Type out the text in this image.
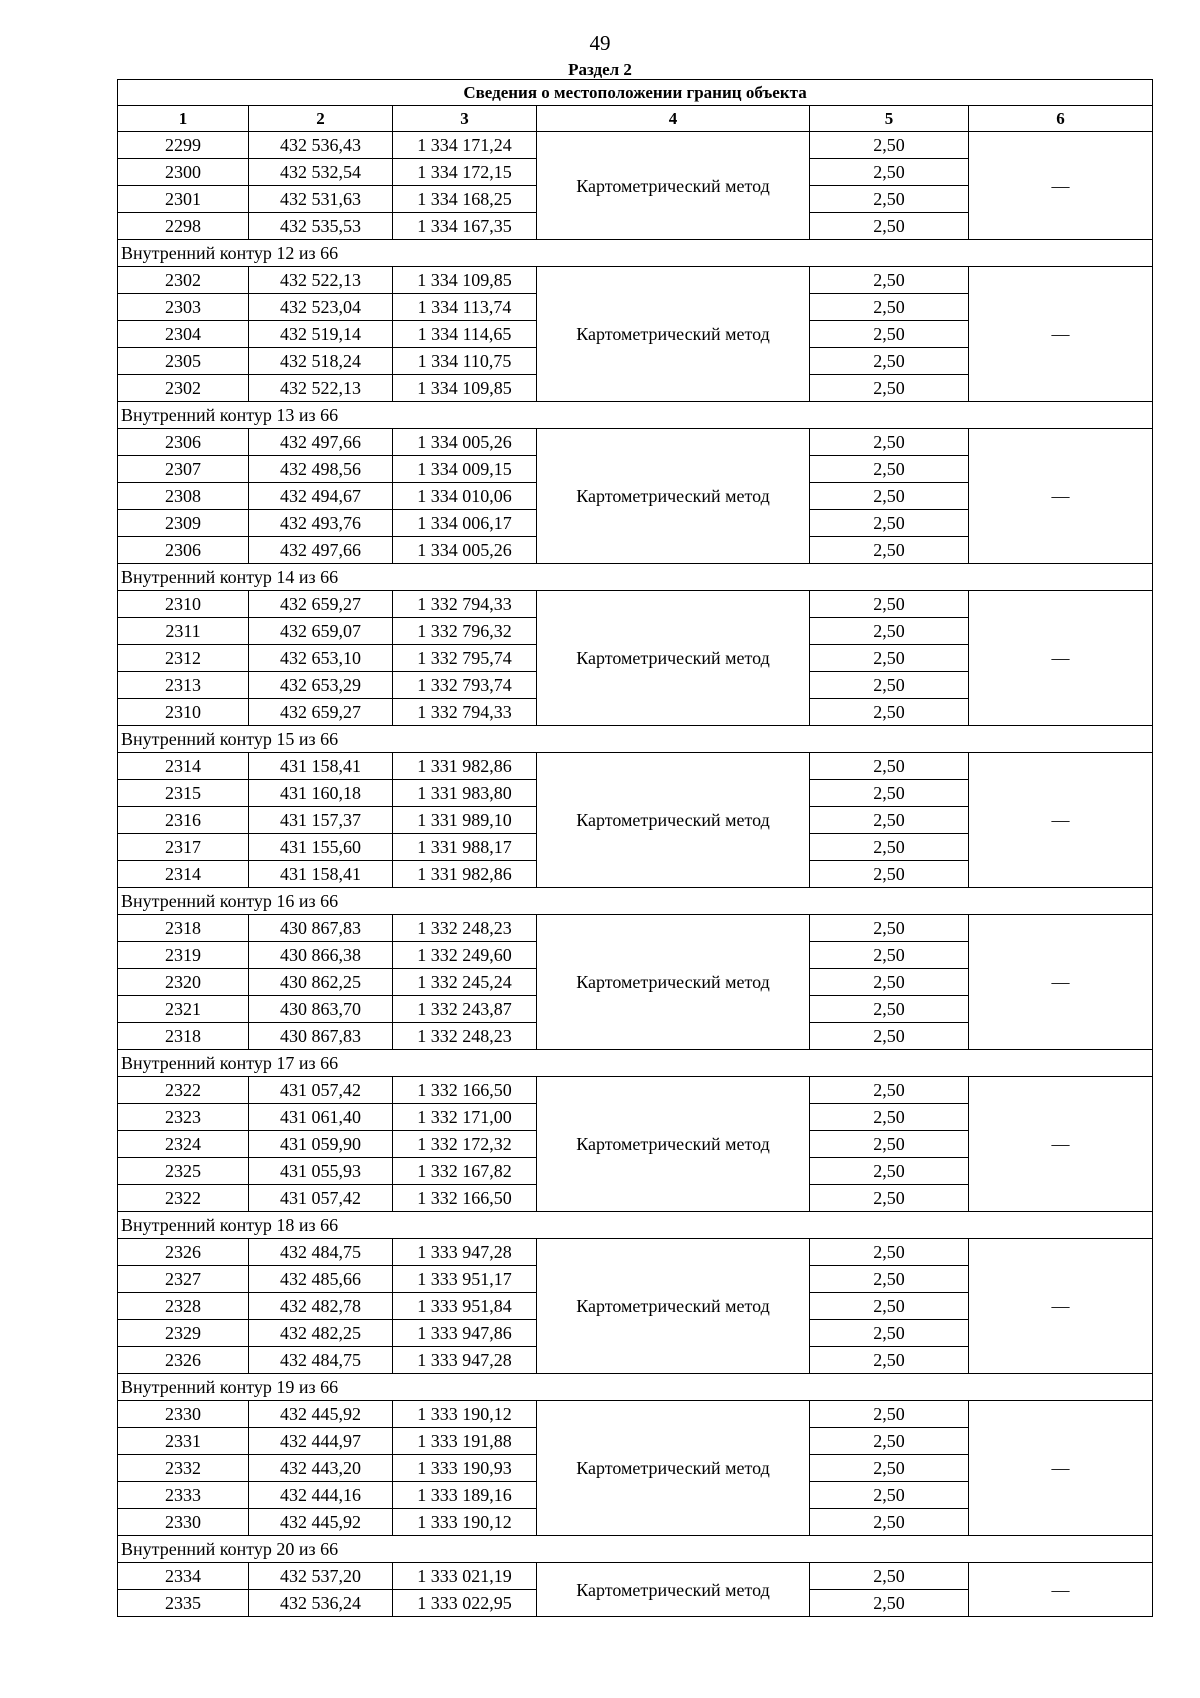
49
Раздел 2
Сведения о местоположении границ объекта					
1	2	3	4	5	6
2299	432 536,43	1 334 171,24	Картометрический метод	2,50	—
2300	432 532,54	1 334 172,15		2,50	
2301	432 531,63	1 334 168,25		2,50	
2298	432 535,53	1 334 167,35		2,50	
Внутренний контур 12 из 66					
2302	432 522,13	1 334 109,85	Картометрический метод	2,50	—
2303	432 523,04	1 334 113,74		2,50	
2304	432 519,14	1 334 114,65		2,50	
2305	432 518,24	1 334 110,75		2,50	
2302	432 522,13	1 334 109,85		2,50	
Внутренний контур 13 из 66					
2306	432 497,66	1 334 005,26	Картометрический метод	2,50	—
2307	432 498,56	1 334 009,15		2,50	
2308	432 494,67	1 334 010,06		2,50	
2309	432 493,76	1 334 006,17		2,50	
2306	432 497,66	1 334 005,26		2,50	
Внутренний контур 14 из 66					
2310	432 659,27	1 332 794,33	Картометрический метод	2,50	—
2311	432 659,07	1 332 796,32		2,50	
2312	432 653,10	1 332 795,74		2,50	
2313	432 653,29	1 332 793,74		2,50	
2310	432 659,27	1 332 794,33		2,50	
Внутренний контур 15 из 66					
2314	431 158,41	1 331 982,86	Картометрический метод	2,50	—
2315	431 160,18	1 331 983,80		2,50	
2316	431 157,37	1 331 989,10		2,50	
2317	431 155,60	1 331 988,17		2,50	
2314	431 158,41	1 331 982,86		2,50	
Внутренний контур 16 из 66					
2318	430 867,83	1 332 248,23	Картометрический метод	2,50	—
2319	430 866,38	1 332 249,60		2,50	
2320	430 862,25	1 332 245,24		2,50	
2321	430 863,70	1 332 243,87		2,50	
2318	430 867,83	1 332 248,23		2,50	
Внутренний контур 17 из 66					
2322	431 057,42	1 332 166,50	Картометрический метод	2,50	—
2323	431 061,40	1 332 171,00		2,50	
2324	431 059,90	1 332 172,32		2,50	
2325	431 055,93	1 332 167,82		2,50	
2322	431 057,42	1 332 166,50		2,50	
Внутренний контур 18 из 66					
2326	432 484,75	1 333 947,28	Картометрический метод	2,50	—
2327	432 485,66	1 333 951,17		2,50	
2328	432 482,78	1 333 951,84		2,50	
2329	432 482,25	1 333 947,86		2,50	
2326	432 484,75	1 333 947,28		2,50	
Внутренний контур 19 из 66					
2330	432 445,92	1 333 190,12	Картометрический метод	2,50	—
2331	432 444,97	1 333 191,88		2,50	
2332	432 443,20	1 333 190,93		2,50	
2333	432 444,16	1 333 189,16		2,50	
2330	432 445,92	1 333 190,12		2,50	
Внутренний контур 20 из 66					
2334	432 537,20	1 333 021,19	Картометрический метод	2,50	—
2335	432 536,24	1 333 022,95		2,50	
